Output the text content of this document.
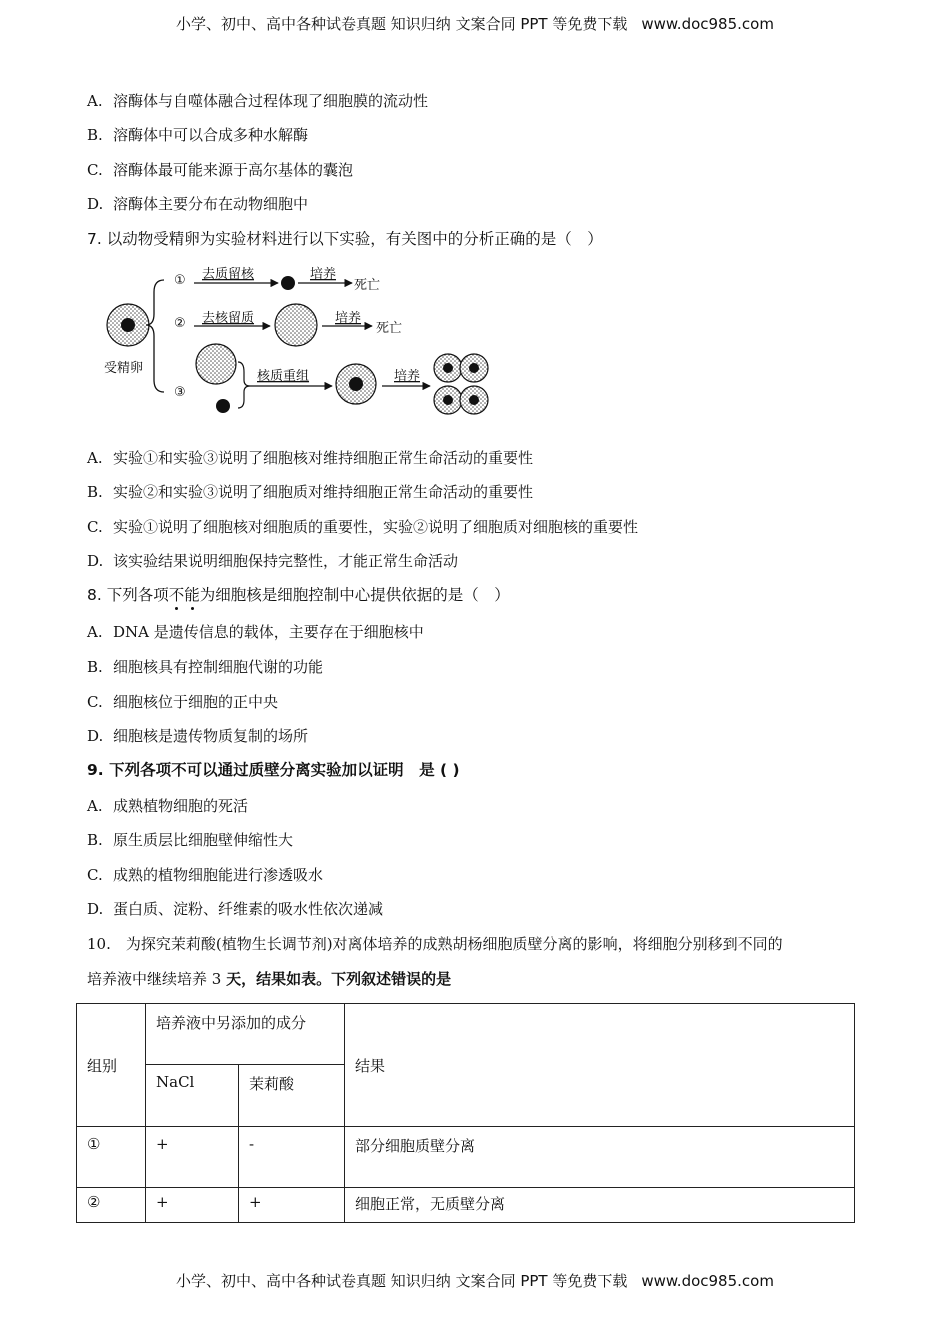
小学、初中、高中各种试卷真题 知识归纳 文案合同 PPT 等免费下载 www.doc985.com
A. 溶酶体与自噬体融合过程体现了细胞膜的流动性
B. 溶酶体中可以合成多种水解酶
C. 溶酶体最可能来源于高尔基体的囊泡
D. 溶酶体主要分布在动物细胞中
7. 以动物受精卵为实验材料进行以下实验，有关图中的分析正确的是（　）
受精卵
① 去质留核	培养
死亡
② 去核留质	培养
死亡
③
核质重组	培养
A. 实验①和实验③说明了细胞核对维持细胞正常生命活动的重要性
B. 实验②和实验③说明了细胞质对维持细胞正常生命活动的重要性
C. 实验①说明了细胞核对细胞质的重要性，实验②说明了细胞质对细胞核的重要性
D. 该实验结果说明细胞保持完整性，才能正常生命活动
8. 下列各项不能为细胞核是细胞控制中心提供依据的是（　）
A. DNA 是遗传信息的载体，主要存在于细胞核中
B. 细胞核具有控制细胞代谢的功能
C. 细胞核位于细胞的正中央
D. 细胞核是遗传物质复制的场所
9. 下列各项不可以通过质壁分离实验加以证明　是 ( )
A. 成熟植物细胞的死活
B. 原生质层比细胞壁伸缩性大
C. 成熟的植物细胞能进行渗透吸水
D. 蛋白质、淀粉、纤维素的吸水性依次递减
10.　为探究茉莉酸(植物生长调节剂)对离体培养的成熟胡杨细胞质壁分离的影响，将细胞分别移到不同的
培养液中继续培养 3 天，结果如表。下列叙述错误的是
组别	培养液中另添加的成分		结果

	NaCl	茉莉酸	

①	+	-	部分细胞质壁分离

②	+	+	细胞正常，无质壁分离
小学、初中、高中各种试卷真题 知识归纳 文案合同 PPT 等免费下载 www.doc985.com
